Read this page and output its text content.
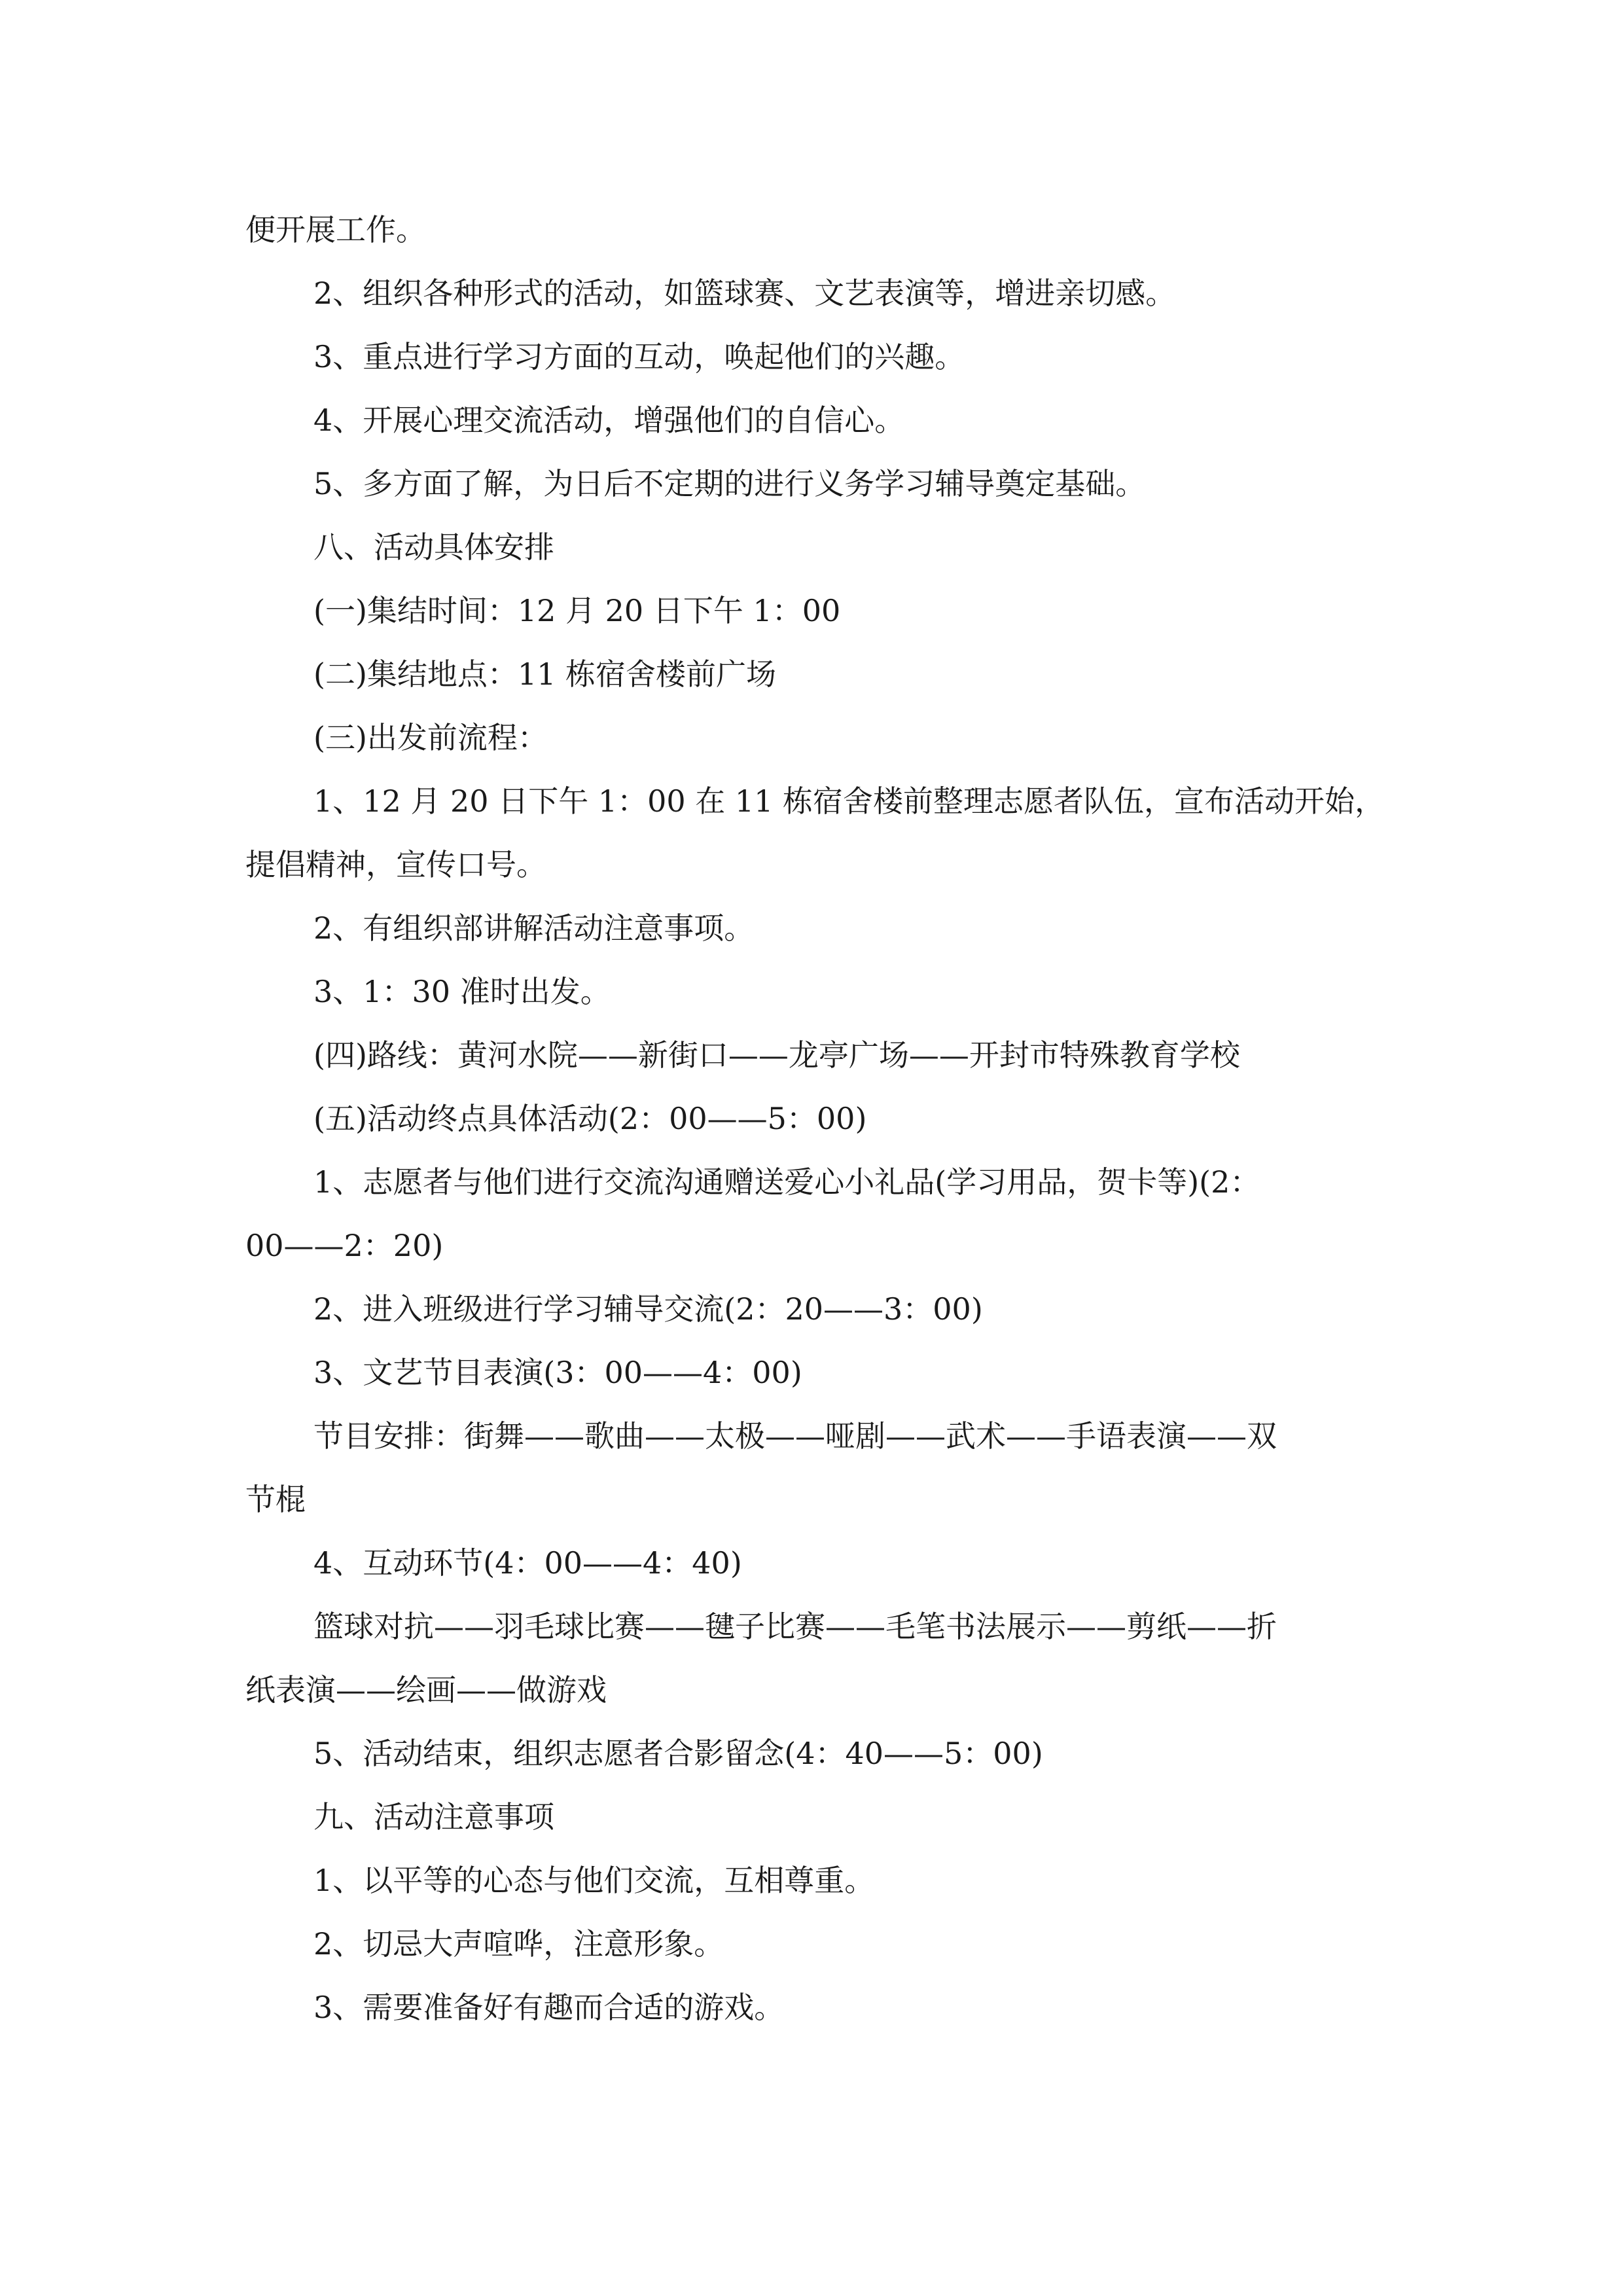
便开展工作。

2、组织各种形式的活动，如篮球赛、文艺表演等，增进亲切感。

3、重点进行学习方面的互动，唤起他们的兴趣。

4、开展心理交流活动，增强他们的自信心。

5、多方面了解，为日后不定期的进行义务学习辅导奠定基础。

八、活动具体安排

(一)集结时间：12 月 20 日下午 1：00

(二)集结地点：11 栋宿舍楼前广场

(三)出发前流程：

1、12 月 20 日下午 1：00 在 11 栋宿舍楼前整理志愿者队伍，宣布活动开始，

提倡精神，宣传口号。

2、有组织部讲解活动注意事项。

3、1：30 准时出发。

(四)路线：黄河水院——新街口——龙亭广场——开封市特殊教育学校

(五)活动终点具体活动(2：00——5：00)

1、志愿者与他们进行交流沟通赠送爱心小礼品(学习用品，贺卡等)(2：

00——2：20)

2、进入班级进行学习辅导交流(2：20——3：00)

3、文艺节目表演(3：00——4：00)

节目安排：街舞——歌曲——太极——哑剧——武术——手语表演——双

节棍

4、互动环节(4：00——4：40)

篮球对抗——羽毛球比赛——毽子比赛——毛笔书法展示——剪纸——折

纸表演——绘画——做游戏

5、活动结束，组织志愿者合影留念(4：40——5：00)

九、活动注意事项

1、以平等的心态与他们交流，互相尊重。

2、切忌大声喧哗，注意形象。

3、需要准备好有趣而合适的游戏。
